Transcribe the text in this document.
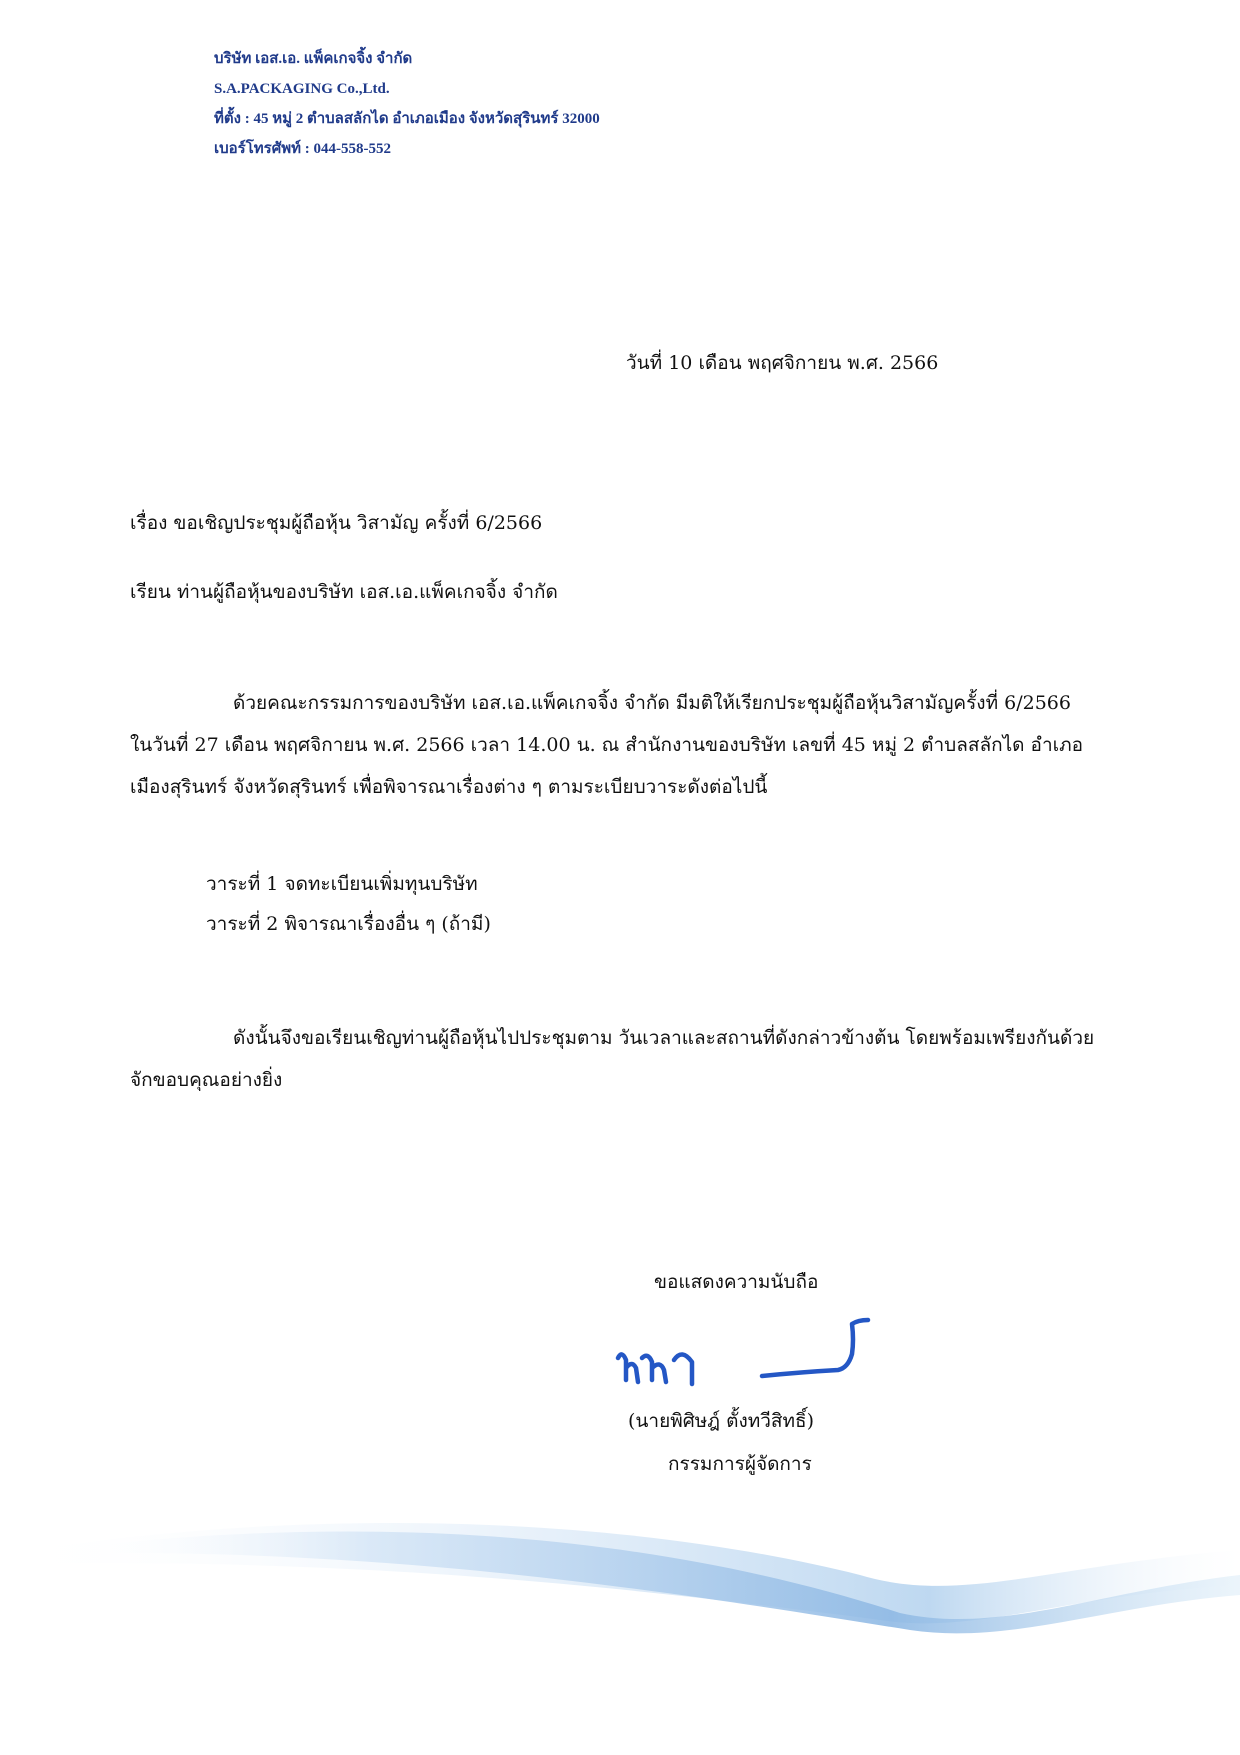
บริษัท เอส.เอ. แพ็คเกจจิ้ง จำกัด
S.A.PACKAGING Co.,Ltd.
ที่ตั้ง : 45 หมู่ 2 ตำบลสลักได อำเภอเมือง จังหวัดสุรินทร์ 32000
เบอร์โทรศัพท์ : 044-558-552
วันที่ 10 เดือน พฤศจิกายน พ.ศ. 2566
เรื่อง ขอเชิญประชุมผู้ถือหุ้น วิสามัญ ครั้งที่ 6/2566
เรียน ท่านผู้ถือหุ้นของบริษัท เอส.เอ.แพ็คเกจจิ้ง จำกัด
ด้วยคณะกรรมการของบริษัท เอส.เอ.แพ็คเกจจิ้ง จำกัด มีมติให้เรียกประชุมผู้ถือหุ้นวิสามัญครั้งที่ 6/2566
ในวันที่ 27 เดือน พฤศจิกายน พ.ศ. 2566 เวลา 14.00 น. ณ สำนักงานของบริษัท เลขที่ 45 หมู่ 2 ตำบลสลักได อำเภอ
เมืองสุรินทร์ จังหวัดสุรินทร์ เพื่อพิจารณาเรื่องต่าง ๆ ตามระเบียบวาระดังต่อไปนี้
วาระที่ 1 จดทะเบียนเพิ่มทุนบริษัท
วาระที่ 2 พิจารณาเรื่องอื่น ๆ (ถ้ามี)
ดังนั้นจึงขอเรียนเชิญท่านผู้ถือหุ้นไปประชุมตาม วันเวลาและสถานที่ดังกล่าวข้างต้น โดยพร้อมเพรียงกันด้วย
จักขอบคุณอย่างยิ่ง
ขอแสดงความนับถือ
(นายพิศิษฎ์ ตั้งทวีสิทธิ์)
กรรมการผู้จัดการ
